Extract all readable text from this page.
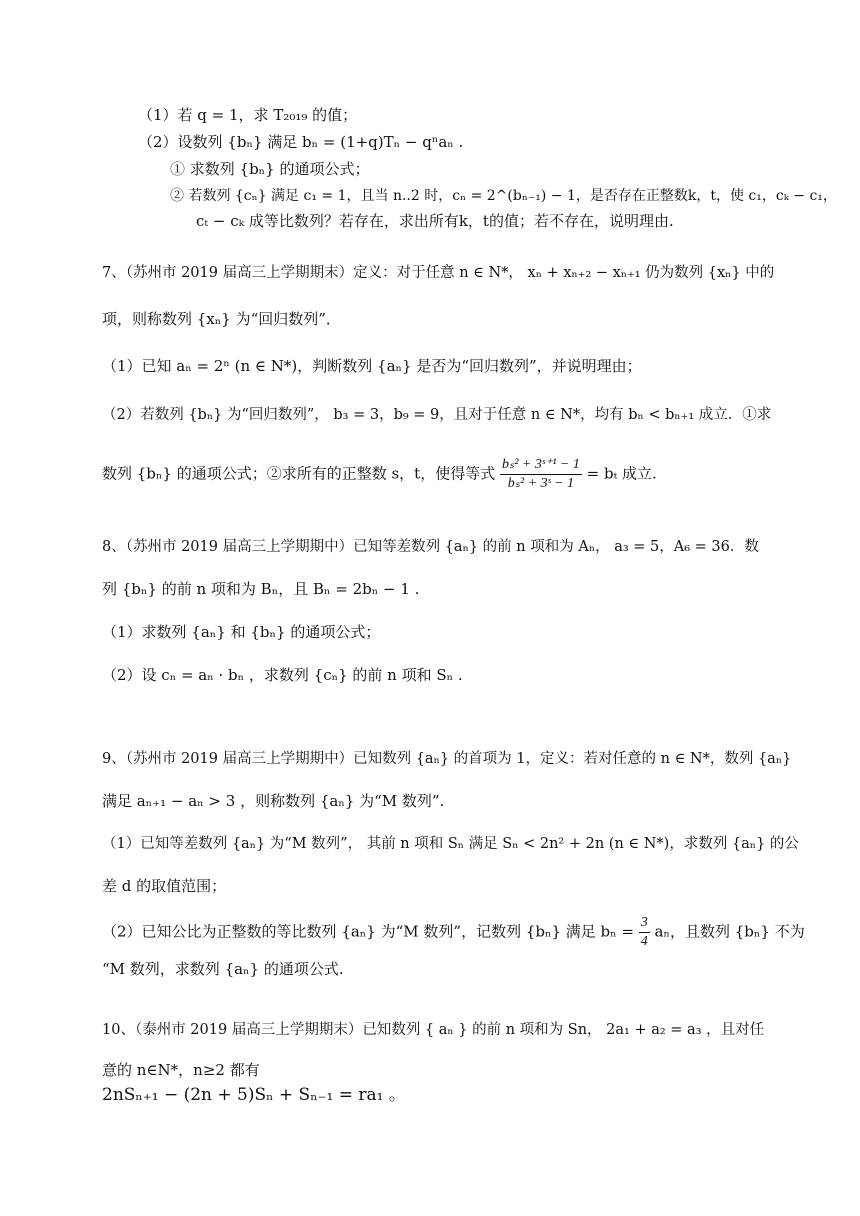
（1）若 q = 1，求 T₂₀₁₉ 的值；
（2）设数列 {bₙ} 满足 bₙ = (1+q)Tₙ − qⁿaₙ .
① 求数列 {bₙ} 的通项公式；
② 若数列 {cₙ} 满足 c₁ = 1，且当 n..2 时，cₙ = 2^(bₙ₋₁) − 1，是否存在正整数k，t，使 c₁，cₖ − c₁，
cₜ − cₖ 成等比数列？若存在，求出所有k，t的值；若不存在，说明理由.
7、（苏州市 2019 届高三上学期期末）定义：对于任意 n ∈ N*， xₙ + xₙ₊₂ − xₙ₊₁ 仍为数列 {xₙ} 中的
项，则称数列 {xₙ} 为“回归数列”．
（1）已知 aₙ = 2ⁿ (n ∈ N*)，判断数列 {aₙ} 是否为“回归数列”，并说明理由；
（2）若数列 {bₙ} 为“回归数列”， b₃ = 3，b₉ = 9，且对于任意 n ∈ N*，均有 bₙ < bₙ₊₁ 成立．①求
数列 {bₙ} 的通项公式；②求所有的正整数 s，t，使得等式 $\frac{\text{bₛ² + 3ˢ⁺¹ − 1}}{\text{bₛ² + 3ˢ − 1}} = b_t$ 成立.
8、（苏州市 2019 届高三上学期期中）已知等差数列 {aₙ} 的前 n 项和为 Aₙ， a₃ = 5，A₆ = 36．数
列 {bₙ} 的前 n 项和为 Bₙ，且 Bₙ = 2bₙ − 1 .
（1）求数列 {aₙ} 和 {bₙ} 的通项公式；
（2）设 cₙ = aₙ · bₙ ，求数列 {cₙ} 的前 n 项和 Sₙ .
9、（苏州市 2019 届高三上学期期中）已知数列 {aₙ} 的首项为 1，定义：若对任意的 n ∈ N*，数列 {aₙ}
满足 aₙ₊₁ − aₙ > 3 ，则称数列 {aₙ} 为“M 数列”.
（1）已知等差数列 {aₙ} 为“M 数列”， 其前 n 项和 Sₙ 满足 Sₙ < 2n² + 2n (n ∈ N*)，求数列 {aₙ} 的公
差 d 的取值范围；
（2）已知公比为正整数的等比数列 {aₙ} 为“M 数列”，记数列 {bₙ} 满足 $b_n = \frac{3}{4}$ aₙ，且数列 {bₙ} 不为
“M 数列，求数列 {aₙ} 的通项公式.
10、（泰州市 2019 届高三上学期期末）已知数列 { aₙ } 的前 n 项和为 Sn， 2a₁ + a₂ = a₃ ，且对任
意的 n∈N*，n≥2 都有
2nSₙ₊₁ − (2n + 5)Sₙ + Sₙ₋₁ = ra₁ 。
